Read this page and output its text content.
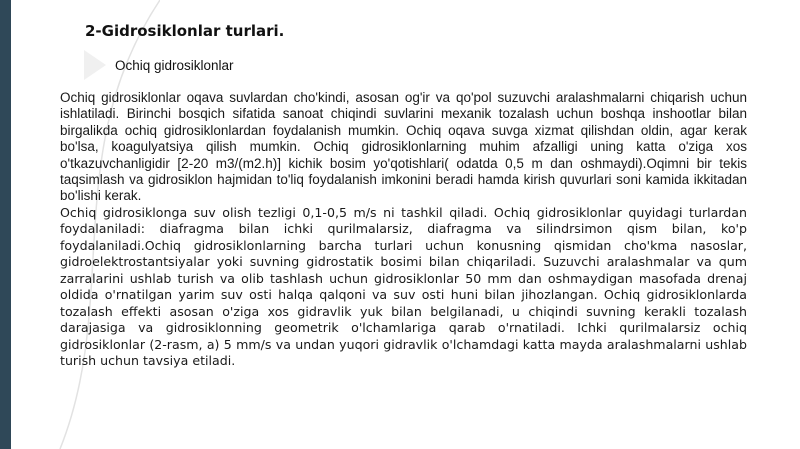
2-Gidrosiklonlar turlari.
Ochiq gidrosiklonlar

Ochiq gidrosiklonlar oqava suvlardan cho'kindi, asosan og'ir va qo'pol suzuvchi aralashmalarni chiqarish uchun ishlatiladi. Birinchi bosqich sifatida sanoat chiqindi suvlarini mexanik tozalash uchun boshqa inshootlar bilan birgalikda ochiq gidrosiklonlardan foydalanish mumkin. Ochiq oqava suvga xizmat qilishdan oldin, agar kerak bo'lsa, koagulyatsiya qilish mumkin. Ochiq gidrosiklonlarning muhim afzalligi uning katta o'ziga xos o'tkazuvchanligidir [2-20 m3/(m2.h)] kichik bosim yo'qotishlari( odatda 0,5 m dan oshmaydi).Oqimni bir tekis taqsimlash va gidrosiklon hajmidan to'liq foydalanish imkonini beradi hamda kirish quvurlari soni kamida ikkitadan bo'lishi kerak.

Ochiq gidrosiklonga suv olish tezligi 0,1-0,5 m/s ni tashkil qiladi. Ochiq gidrosiklonlar quyidagi turlardan foydalaniladi: diafragma bilan ichki qurilmalarsiz, diafragma va silindrsimon qism bilan, ko'p foydalaniladi.Ochiq gidrosiklonlarning barcha turlari uchun konusning qismidan cho'kma nasoslar, gidroelektrostantsiyalar yoki suvning gidrostatik bosimi bilan chiqariladi. Suzuvchi aralashmalar va qum zarralarini ushlab turish va olib tashlash uchun gidrosiklonlar 50 mm dan oshmaydigan masofada drenaj oldida o'rnatilgan yarim suv osti halqa qalqoni va suv osti huni bilan jihozlangan. Ochiq gidrosiklonlarda tozalash effekti asosan o'ziga xos gidravlik yuk bilan belgilanadi, u chiqindi suvning kerakli tozalash darajasiga va gidrosiklonning geometrik o'lchamlariga qarab o'rnatiladi. Ichki qurilmalarsiz ochiq gidrosiklonlar (2-rasm, a) 5 mm/s va undan yuqori gidravlik o'lchamdagi katta mayda aralashmalarni ushlab turish uchun tavsiya etiladi.
